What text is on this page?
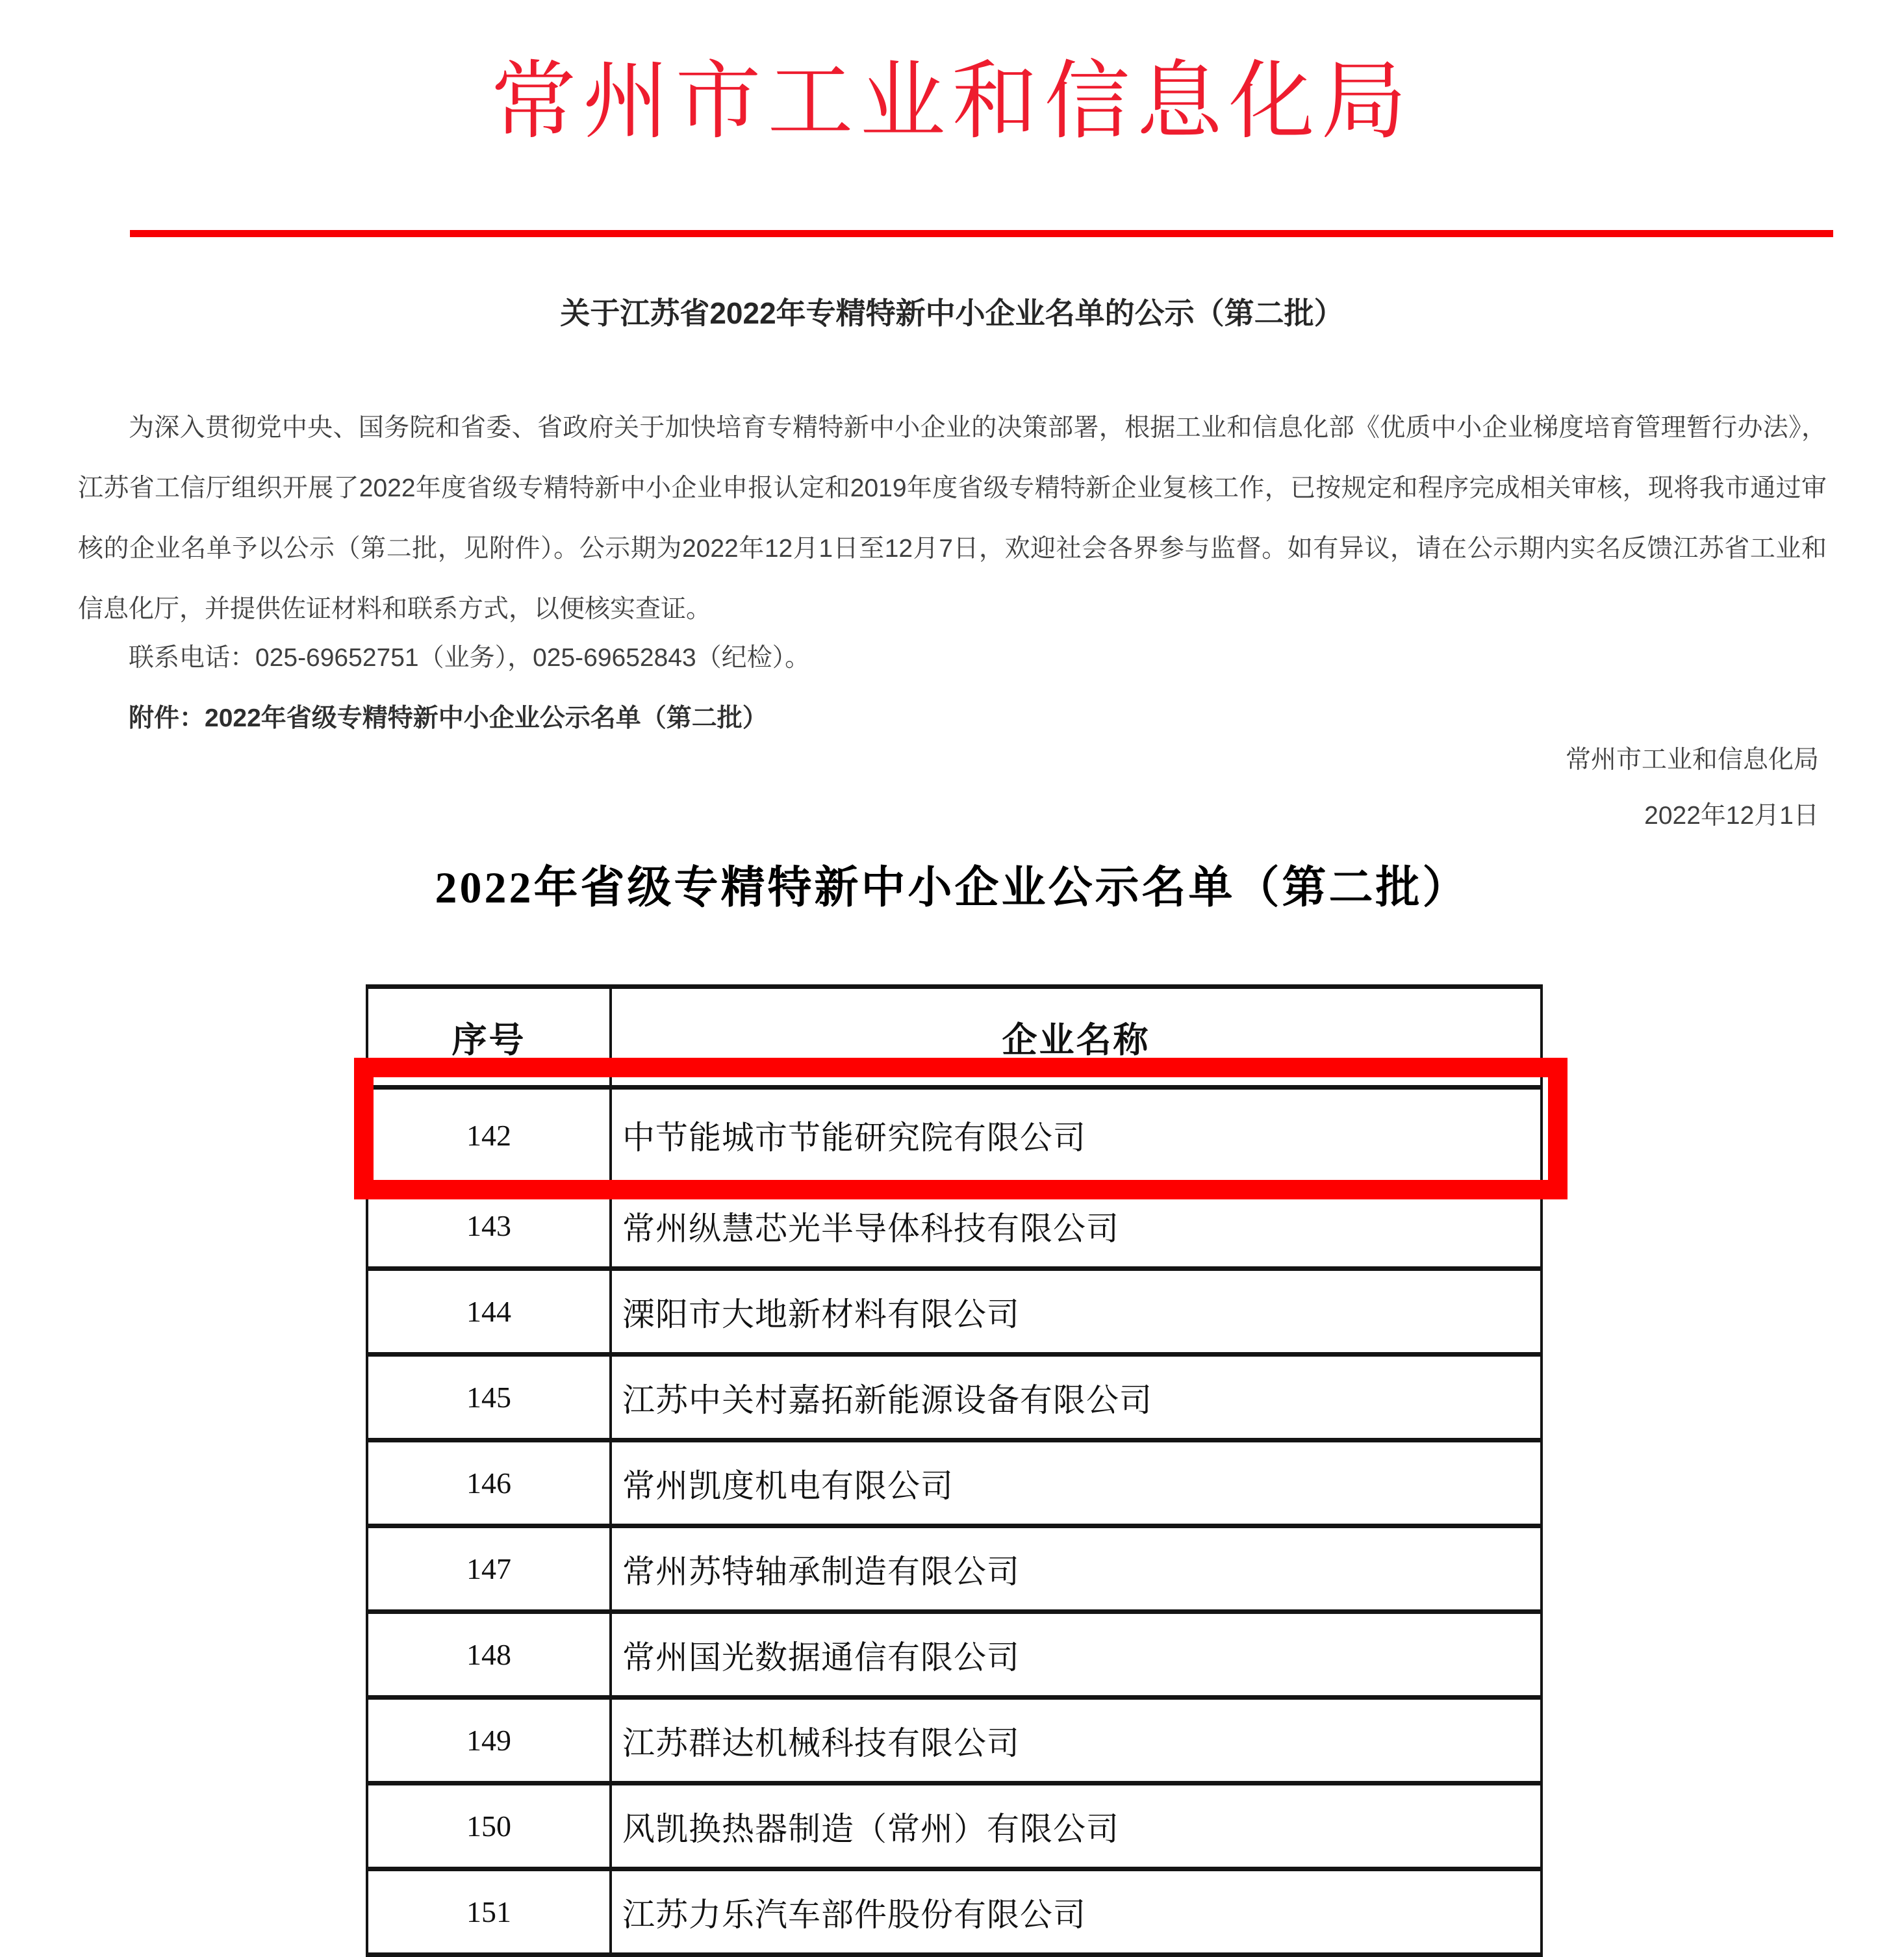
常州市工业和信息化局
关于江苏省2022年专精特新中小企业名单的公示（第二批）

为深入贯彻党中央、国务院和省委、省政府关于加快培育专精特新中小企业的决策部署，根据工业和信息化部《优质中小企业梯度培育管理暂行办法》，江苏省工信厅组织开展了2022年度省级专精特新中小企业申报认定和2019年度省级专精特新企业复核工作，已按规定和程序完成相关审核，现将我市通过审核的企业名单予以公示（第二批，见附件）。公示期为2022年12月1日至12月7日，欢迎社会各界参与监督。如有异议，请在公示期内实名反馈江苏省工业和信息化厅，并提供佐证材料和联系方式，以便核实查证。

联系电话：025-69652751（业务），025-69652843（纪检）。

附件：2022年省级专精特新中小企业公示名单（第二批）

常州市工业和信息化局

2022年12月1日

2022年省级专精特新中小企业公示名单（第二批）
序号	企业名称
142	中节能城市节能研究院有限公司
143	常州纵慧芯光半导体科技有限公司
144	溧阳市大地新材料有限公司
145	江苏中关村嘉拓新能源设备有限公司
146	常州凯度机电有限公司
147	常州苏特轴承制造有限公司
148	常州国光数据通信有限公司
149	江苏群达机械科技有限公司
150	风凯换热器制造（常州）有限公司
151	江苏力乐汽车部件股份有限公司
